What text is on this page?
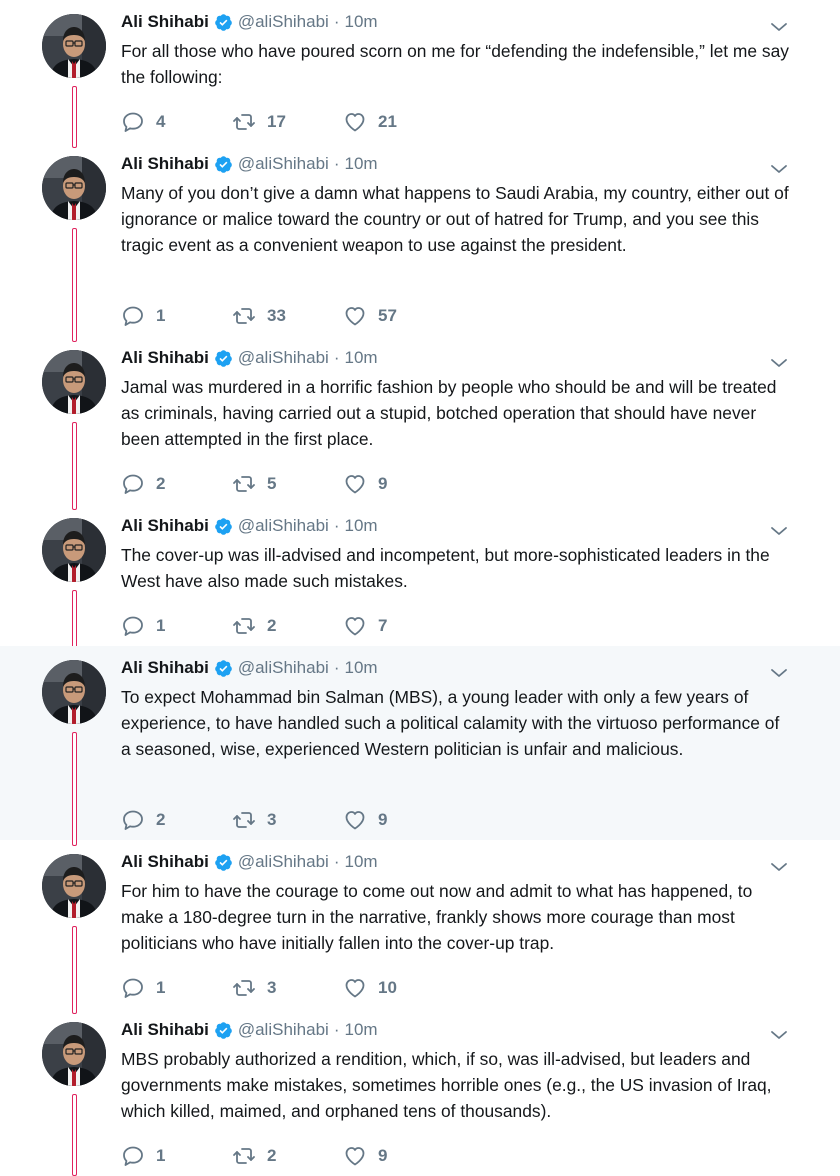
Ali Shihabi @aliShihabi · 10m
For all those who have poured scorn on me for “defending the indefensible,” let me say the following:
4	17	21
Ali Shihabi @aliShihabi · 10m
Many of you don’t give a damn what happens to Saudi Arabia, my country, either out of ignorance or malice toward the country or out of hatred for Trump, and you see this tragic event as a convenient weapon to use against the president.
1	33	57
Ali Shihabi @aliShihabi · 10m
Jamal was murdered in a horrific fashion by people who should be and will be treated as criminals, having carried out a stupid, botched operation that should have never been attempted in the first place.
2	5	9
Ali Shihabi @aliShihabi · 10m
The cover-up was ill-advised and incompetent, but more-sophisticated leaders in the West have also made such mistakes.
1	2	7
Ali Shihabi @aliShihabi · 10m
To expect Mohammad bin Salman (MBS), a young leader with only a few years of experience, to have handled such a political calamity with the virtuoso performance of a seasoned, wise, experienced Western politician is unfair and malicious.
2	3	9
Ali Shihabi @aliShihabi · 10m
For him to have the courage to come out now and admit to what has happened, to make a 180-degree turn in the narrative, frankly shows more courage than most politicians who have initially fallen into the cover-up trap.
1	3	10
Ali Shihabi @aliShihabi · 10m
MBS probably authorized a rendition, which, if so, was ill-advised, but leaders and governments make mistakes, sometimes horrible ones (e.g., the US invasion of Iraq, which killed, maimed, and orphaned tens of thousands).
1	2	9
